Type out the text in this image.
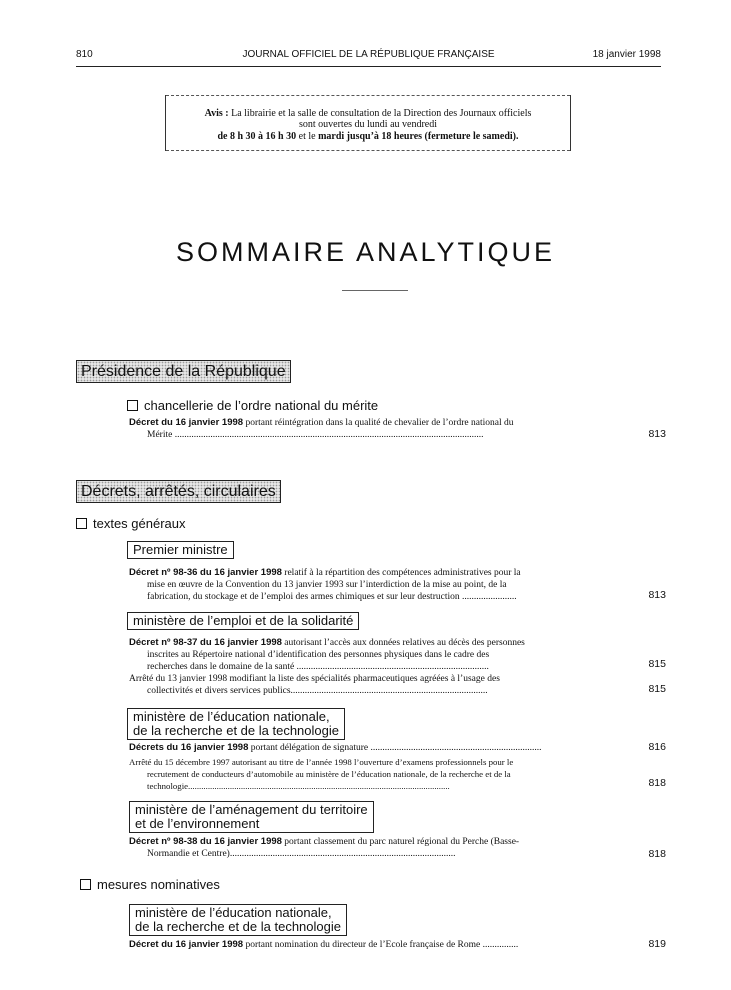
810	JOURNAL OFFICIEL DE LA RÉPUBLIQUE FRANÇAISE	18 janvier 1998
Avis : La librairie et la salle de consultation de la Direction des Journaux officiels
sont ouvertes du lundi au vendredi
de 8 h 30 à 16 h 30 et le mardi jusqu’à 18 heures (fermeture le samedi).
SOMMAIRE ANALYTIQUE
Présidence de la République
chancellerie de l’ordre national du mérite
Décret du 16 janvier 1998 portant réintégration dans la qualité de chevalier de l’ordre national du
Mérite ..................................................................................................................................	813
Décrets, arrêtés, circulaires
textes généraux
Premier ministre
Décret nº 98-36 du 16 janvier 1998 relatif à la répartition des compétences administratives pour la
mise en œuvre de la Convention du 13 janvier 1993 sur l’interdiction de la mise au point, de la
fabrication, du stockage et de l’emploi des armes chimiques et sur leur destruction .......................	813
ministère de l’emploi et de la solidarité
Décret nº 98-37 du 16 janvier 1998 autorisant l’accès aux données relatives au décès des personnes
inscrites au Répertoire national d’identification des personnes physiques dans le cadre des
recherches dans le domaine de la santé .................................................................................	815
Arrêté du 13 janvier 1998 modifiant la liste des spécialités pharmaceutiques agréées à l’usage des
collectivités et divers services publics...................................................................................	815
ministère de l’éducation nationale,
de la recherche et de la technologie
Décrets du 16 janvier 1998 portant délégation de signature ........................................................................	816
Arrêté du 15 décembre 1997 autorisant au titre de l’année 1998 l’ouverture d’examens professionnels pour le
recrutement de conducteurs d’automobile au ministère de l’éducation nationale, de la recherche et de la
technologie.......................................................................................................................	818
ministère de l’aménagement du territoire
et de l’environnement
Décret nº 98-38 du 16 janvier 1998 portant classement du parc naturel régional du Perche (Basse-
Normandie et Centre)...............................................................................................	818
mesures nominatives
ministère de l’éducation nationale,
de la recherche et de la technologie
Décret du 16 janvier 1998 portant nomination du directeur de l’Ecole française de Rome ...............	819
